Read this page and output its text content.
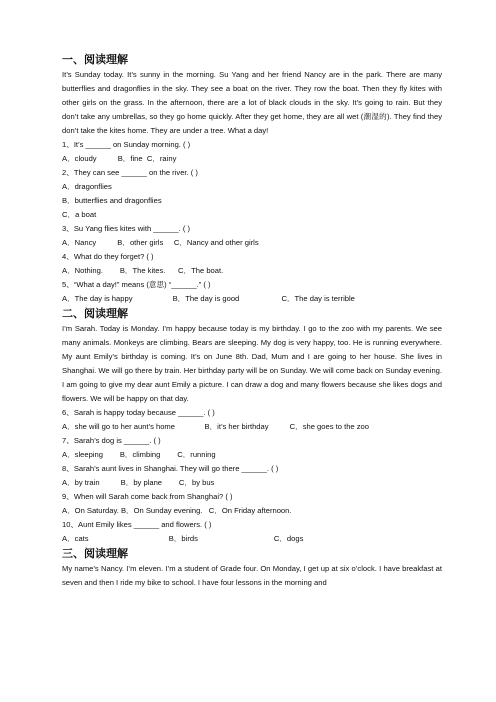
一、阅读理解

It’s Sunday today. It’s sunny in the morning. Su Yang and her friend Nancy are in the park. There are many butterflies and dragonflies in the sky. They see a boat on the river. They row the boat. Then they fly kites with other girls on the grass. In the afternoon, there are a lot of black clouds in the sky. It’s going to rain. But they don’t take any umbrellas, so they go home quickly. After they get home, they are all wet (潮湿的). They find they don’t take the kites home. They are under a tree. What a day!

1、It’s ______ on Sunday morning. ( )

A．cloudy          B．fine  C．rainy

2、They can see ______ on the river. ( )

A．dragonflies

B．butterflies and dragonflies

C．a boat

3、Su Yang flies kites with ______. ( )

A．Nancy          B．other girls     C．Nancy and other girls

4、What do they forget? ( )

A．Nothing.        B．The kites.      C．The boat.

5、“What a day!” means (意思) “______.” ( )

A．The day is happy                   B．The day is good                    C．The day is terrible

二、阅读理解

I’m Sarah. Today is Monday. I’m happy because today is my birthday. I go to the zoo with my parents. We see many animals. Monkeys are climbing. Bears are sleeping. My dog is very happy, too. He is running everywhere. My aunt Emily’s birthday is coming. It’s on June 8th. Dad, Mum and I are going to her house. She lives in Shanghai. We will go there by train. Her birthday party will be on Sunday. We will come back on Sunday evening. I am going to give my dear aunt Emily a picture. I can draw a dog and many flowers because she likes dogs and flowers. We will be happy on that day.

6、Sarah is happy today because ______. ( )

A．she will go to her aunt’s home              B．it’s her birthday          C．she goes to the zoo

7、Sarah’s dog is ______. ( )

A．sleeping        B．climbing        C．running

8、Sarah’s aunt lives in Shanghai. They will go there ______. ( )

A．by train          B．by plane        C．by bus

9、When will Sarah come back from Shanghai? ( )

A．On Saturday. B．On Sunday evening.   C．On Friday afternoon.

10、Aunt Emily likes ______ and flowers. ( )

A．cats                                      B．birds                                    C．dogs

三、阅读理解

My name’s Nancy. I’m eleven. I’m a student of Grade four. On Monday, I get up at six o’clock. I have breakfast at seven and then I ride my bike to school. I have four lessons in the morning and
